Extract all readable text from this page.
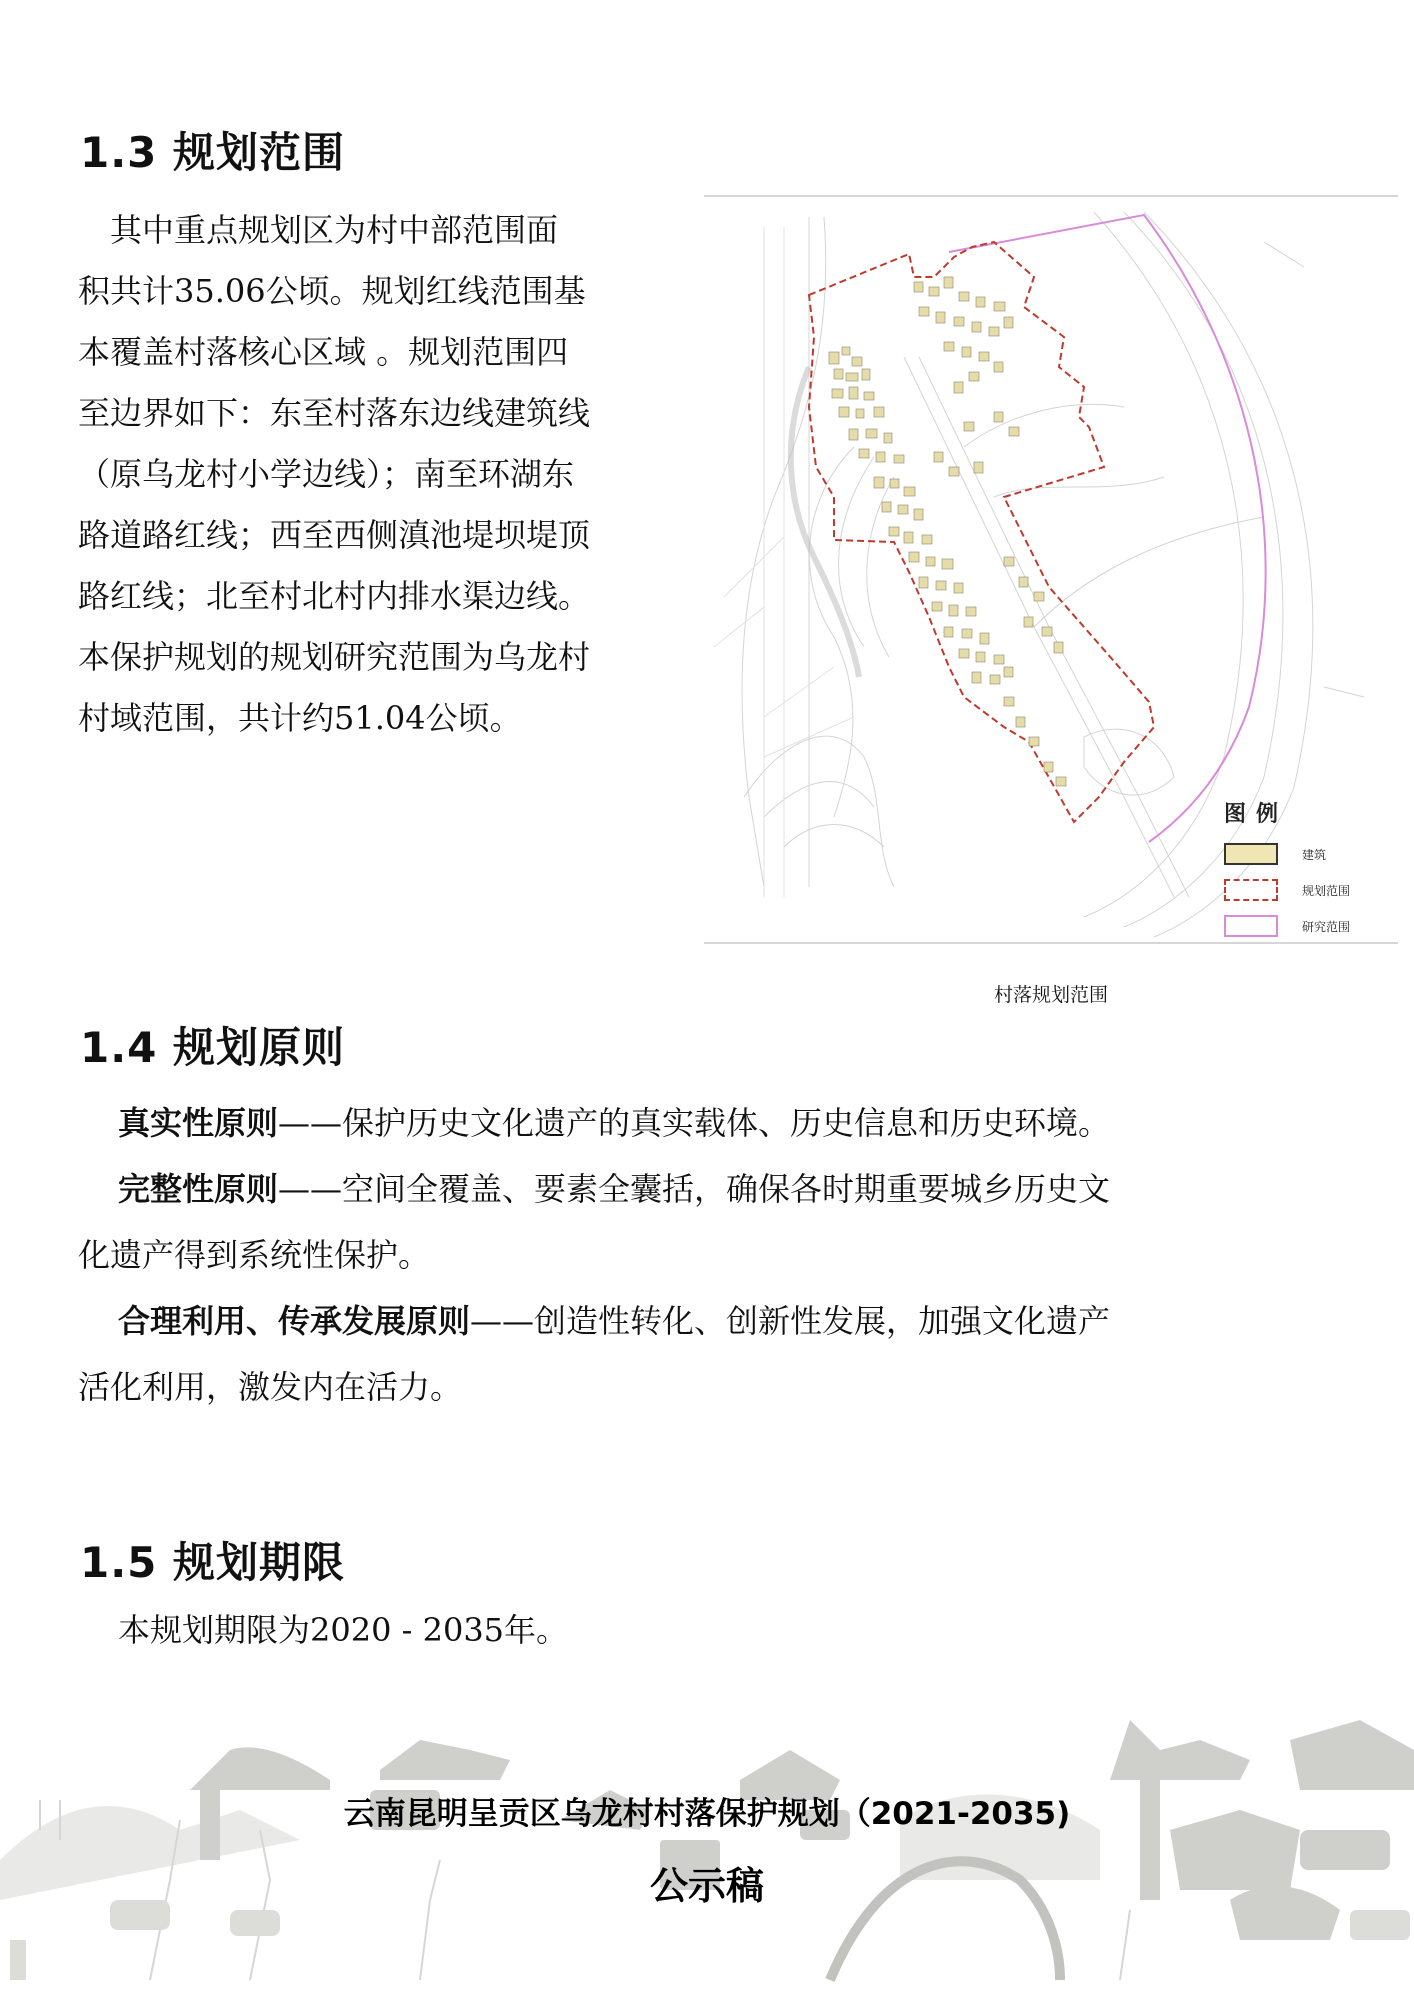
1.3 规划范围

　其中重点规划区为村中部范围面
积共计35.06公顷。规划红线范围基
本覆盖村落核心区域 。规划范围四
至边界如下：东至村落东边线建筑线
（原乌龙村小学边线）；南至环湖东
路道路红线；西至西侧滇池堤坝堤顶
路红线；北至村北村内排水渠边线。
本保护规划的规划研究范围为乌龙村
村域范围，共计约51.04公顷。

图例
建筑
规划范围
研究范围
村落规划范围
1.4 规划原则
真实性原则——保护历史文化遗产的真实载体、历史信息和历史环境。
完整性原则——空间全覆盖、要素全囊括，确保各时期重要城乡历史文
化遗产得到系统性保护。
合理利用、传承发展原则——创造性转化、创新性发展，加强文化遗产
活化利用，激发内在活力。
1.5 规划期限

本规划期限为2020 - 2035年。

云南昆明呈贡区乌龙村村落保护规划（2021-2035)
公示稿
